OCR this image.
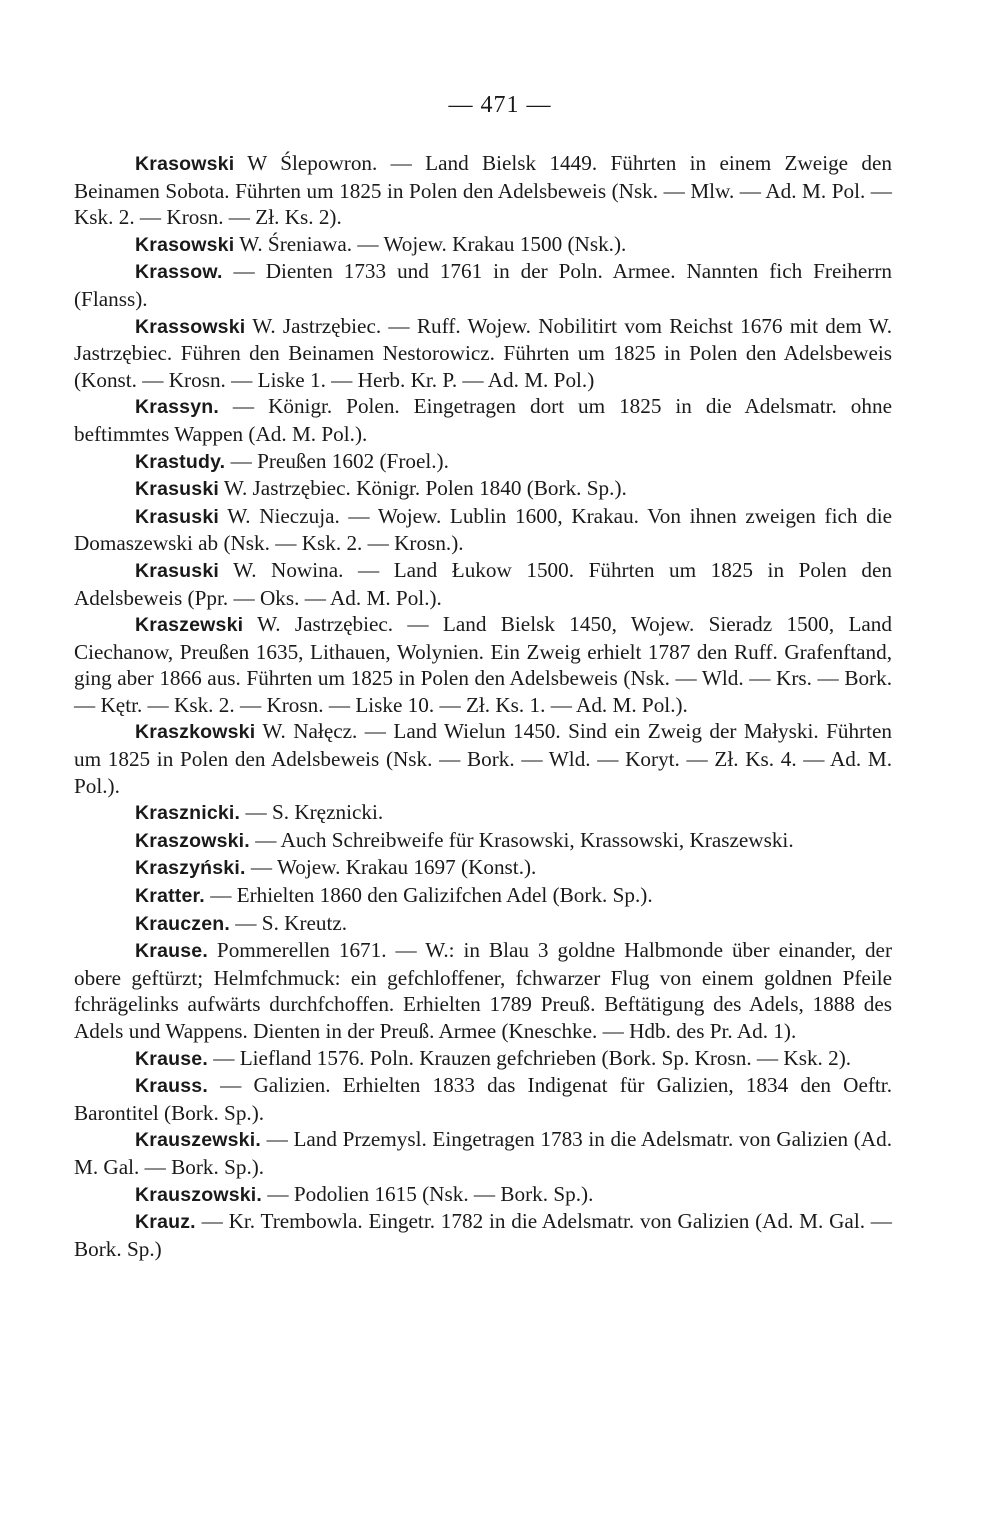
— 471 —

Krasowski W Ślepowron. — Land Bielsk 1449. Führten in einem Zweige den Beinamen Sobota. Führten um 1825 in Polen den Adelsbeweis (Nsk. — Mlw. — Ad. M. Pol. — Ksk. 2. — Krosn. — Zł. Ks. 2).

Krasowski W. Śreniawa. — Wojew. Krakau 1500 (Nsk.).

Krassow. — Dienten 1733 und 1761 in der Poln. Armee. Nannten fich Freiherrn (Flanss).

Krassowski W. Jastrzębiec. — Ruff. Wojew. Nobilitirt vom Reichst 1676 mit dem W. Jastrzębiec. Führen den Beinamen Nestorowicz. Führten um 1825 in Polen den Adelsbeweis (Konst. — Krosn. — Liske 1. — Herb. Kr. P. — Ad. M. Pol.)

Krassyn. — Königr. Polen. Eingetragen dort um 1825 in die Adelsmatr. ohne beftimmtes Wappen (Ad. M. Pol.).

Krastudy. — Preußen 1602 (Froel.).

Krasuski W. Jastrzębiec. Königr. Polen 1840 (Bork. Sp.).

Krasuski W. Nieczuja. — Wojew. Lublin 1600, Krakau. Von ihnen zweigen fich die Domaszewski ab (Nsk. — Ksk. 2. — Krosn.).

Krasuski W. Nowina. — Land Łukow 1500. Führten um 1825 in Polen den Adelsbeweis (Ppr. — Oks. — Ad. M. Pol.).

Kraszewski W. Jastrzębiec. — Land Bielsk 1450, Wojew. Sieradz 1500, Land Ciechanow, Preußen 1635, Lithauen, Wolynien. Ein Zweig erhielt 1787 den Ruff. Grafenftand, ging aber 1866 aus. Führten um 1825 in Polen den Adelsbeweis (Nsk. — Wld. — Krs. — Bork. — Kętr. — Ksk. 2. — Krosn. — Liske 10. — Zł. Ks. 1. — Ad. M. Pol.).

Kraszkowski W. Nałęcz. — Land Wielun 1450. Sind ein Zweig der Małyski. Führten um 1825 in Polen den Adelsbeweis (Nsk. — Bork. — Wld. — Koryt. — Zł. Ks. 4. — Ad. M. Pol.).

Krasznicki. — S. Kręznicki.

Kraszowski. — Auch Schreibweife für Krasowski, Krassowski, Kraszewski.

Kraszyński. — Wojew. Krakau 1697 (Konst.).

Kratter. — Erhielten 1860 den Galizifchen Adel (Bork. Sp.).

Krauczen. — S. Kreutz.

Krause. Pommerellen 1671. — W.: in Blau 3 goldne Halbmonde über einander, der obere geftürzt; Helmfchmuck: ein gefchloffener, fchwarzer Flug von einem goldnen Pfeile fchrägelinks aufwärts durchfchoffen. Erhielten 1789 Preuß. Beftätigung des Adels, 1888 des Adels und Wappens. Dienten in der Preuß. Armee (Kneschke. — Hdb. des Pr. Ad. 1).

Krause. — Liefland 1576. Poln. Krauzen gefchrieben (Bork. Sp. Krosn. — Ksk. 2).

Krauss. — Galizien. Erhielten 1833 das Indigenat für Galizien, 1834 den Oeftr. Barontitel (Bork. Sp.).

Krauszewski. — Land Przemysl. Eingetragen 1783 in die Adelsmatr. von Galizien (Ad. M. Gal. — Bork. Sp.).

Krauszowski. — Podolien 1615 (Nsk. — Bork. Sp.).

Krauz. — Kr. Trembowla. Eingetr. 1782 in die Adelsmatr. von Galizien (Ad. M. Gal. — Bork. Sp.)
